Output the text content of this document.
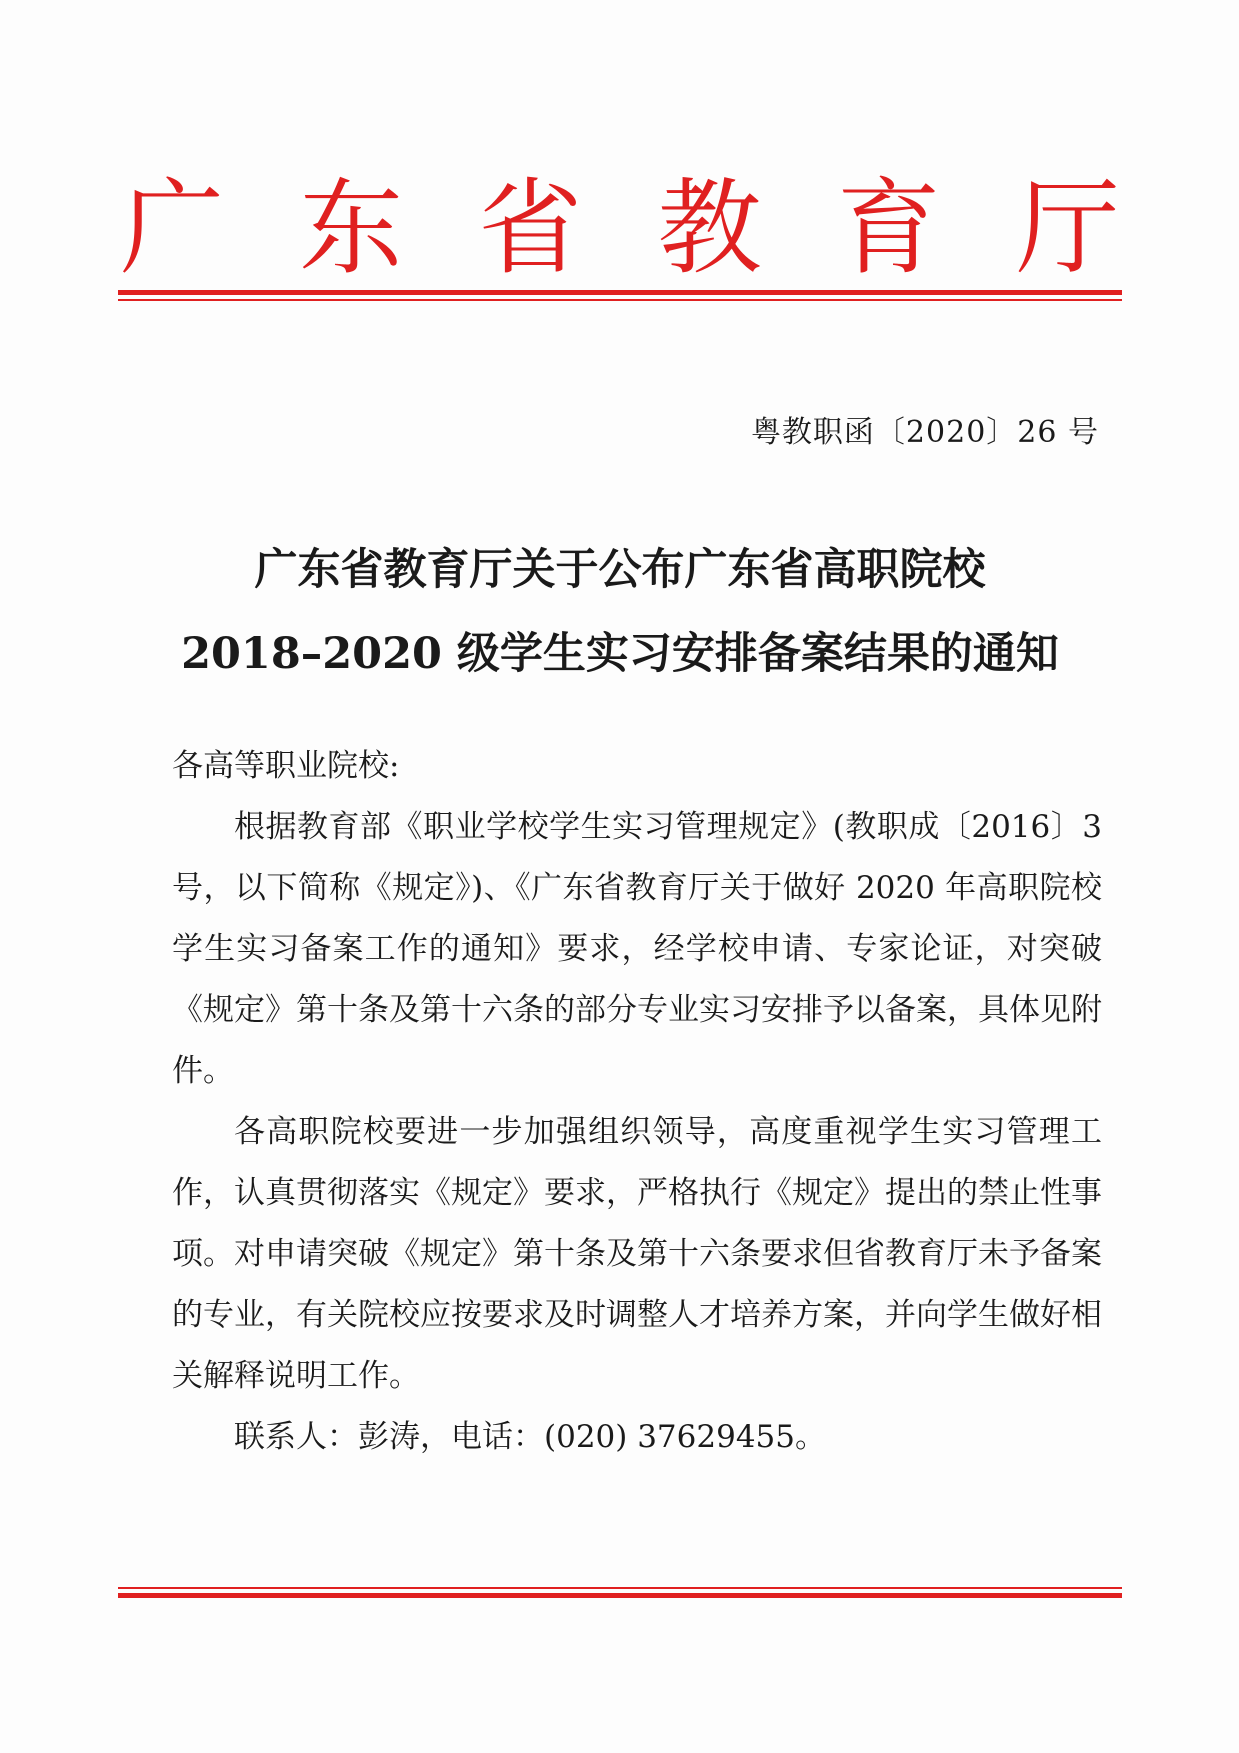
广 东 省 教 育 厅
粤教职函〔2020〕26 号
广东省教育厅关于公布广东省高职院校
2018–2020 级学生实习安排备案结果的通知
各高等职业院校:

根据教育部《职业学校学生实习管理规定》(教职成〔2016〕3 号，以下简称《规定》)、《广东省教育厅关于做好 2020 年高职院校学生实习备案工作的通知》要求，经学校申请、专家论证，对突破《规定》第十条及第十六条的部分专业实习安排予以备案，具体见附件。

各高职院校要进一步加强组织领导，高度重视学生实习管理工作，认真贯彻落实《规定》要求，严格执行《规定》提出的禁止性事项。对申请突破《规定》第十条及第十六条要求但省教育厅未予备案的专业，有关院校应按要求及时调整人才培养方案，并向学生做好相关解释说明工作。

联系人：彭涛，电话：(020) 37629455。
